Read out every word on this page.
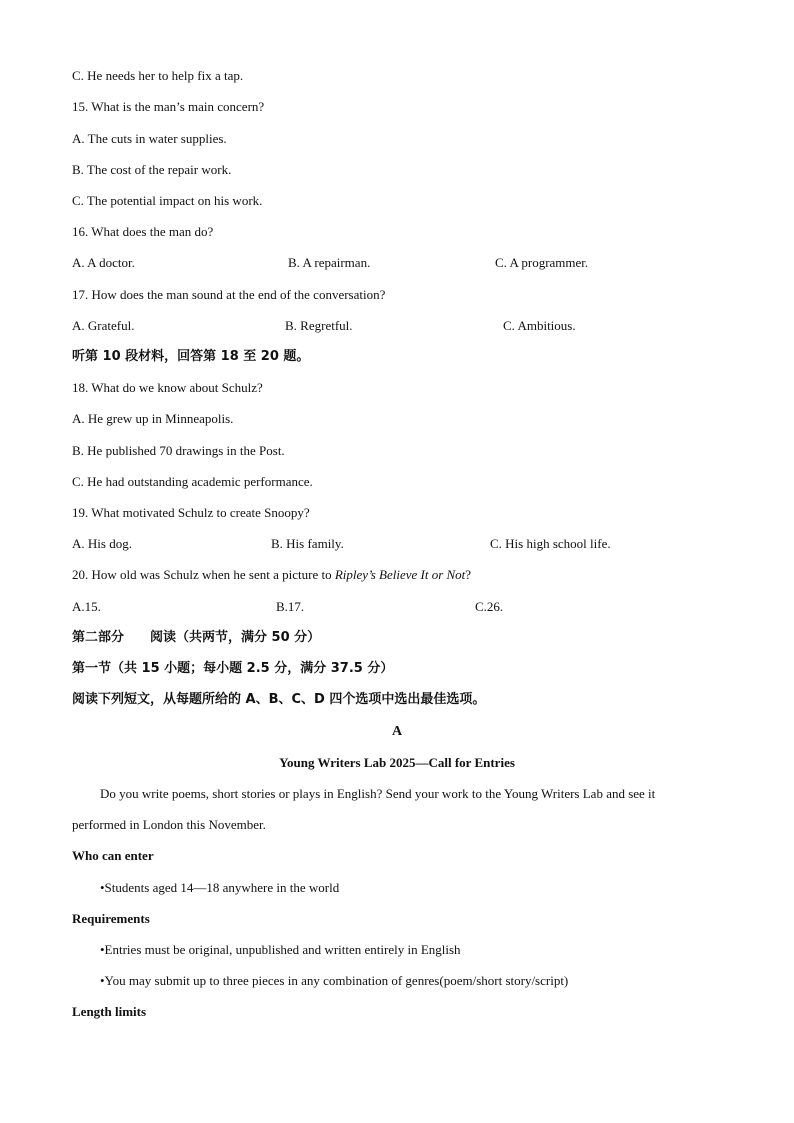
C. He needs her to help fix a tap.
15. What is the man’s main concern?
A. The cuts in water supplies.
B. The cost of the repair work.
C. The potential impact on his work.
16. What does the man do?
A. A doctor.	B. A repairman.	C. A programmer.
17. How does the man sound at the end of the conversation?
A. Grateful.	B. Regretful.	C. Ambitious.
听第 10 段材料，回答第 18 至 20 题。
18. What do we know about Schulz?
A. He grew up in Minneapolis.
B. He published 70 drawings in the Post.
C. He had outstanding academic performance.
19. What motivated Schulz to create Snoopy?
A. His dog.	B. His family.	C. His high school life.
20. How old was Schulz when he sent a picture to Ripley’s Believe It or Not?
A.15.	B.17.	C.26.
第二部分　　阅读（共两节，满分 50 分）
第一节（共 15 小题；每小题 2.5 分，满分 37.5 分）
阅读下列短文，从每题所给的 A、B、C、D 四个选项中选出最佳选项。
A
Young Writers Lab 2025—Call for Entries
Do you write poems, short stories or plays in English? Send your work to the Young Writers Lab and see it
performed in London this November.
Who can enter
•Students aged 14—18 anywhere in the world
Requirements
•Entries must be original, unpublished and written entirely in English
•You may submit up to three pieces in any combination of genres(poem/short story/script)
Length limits
